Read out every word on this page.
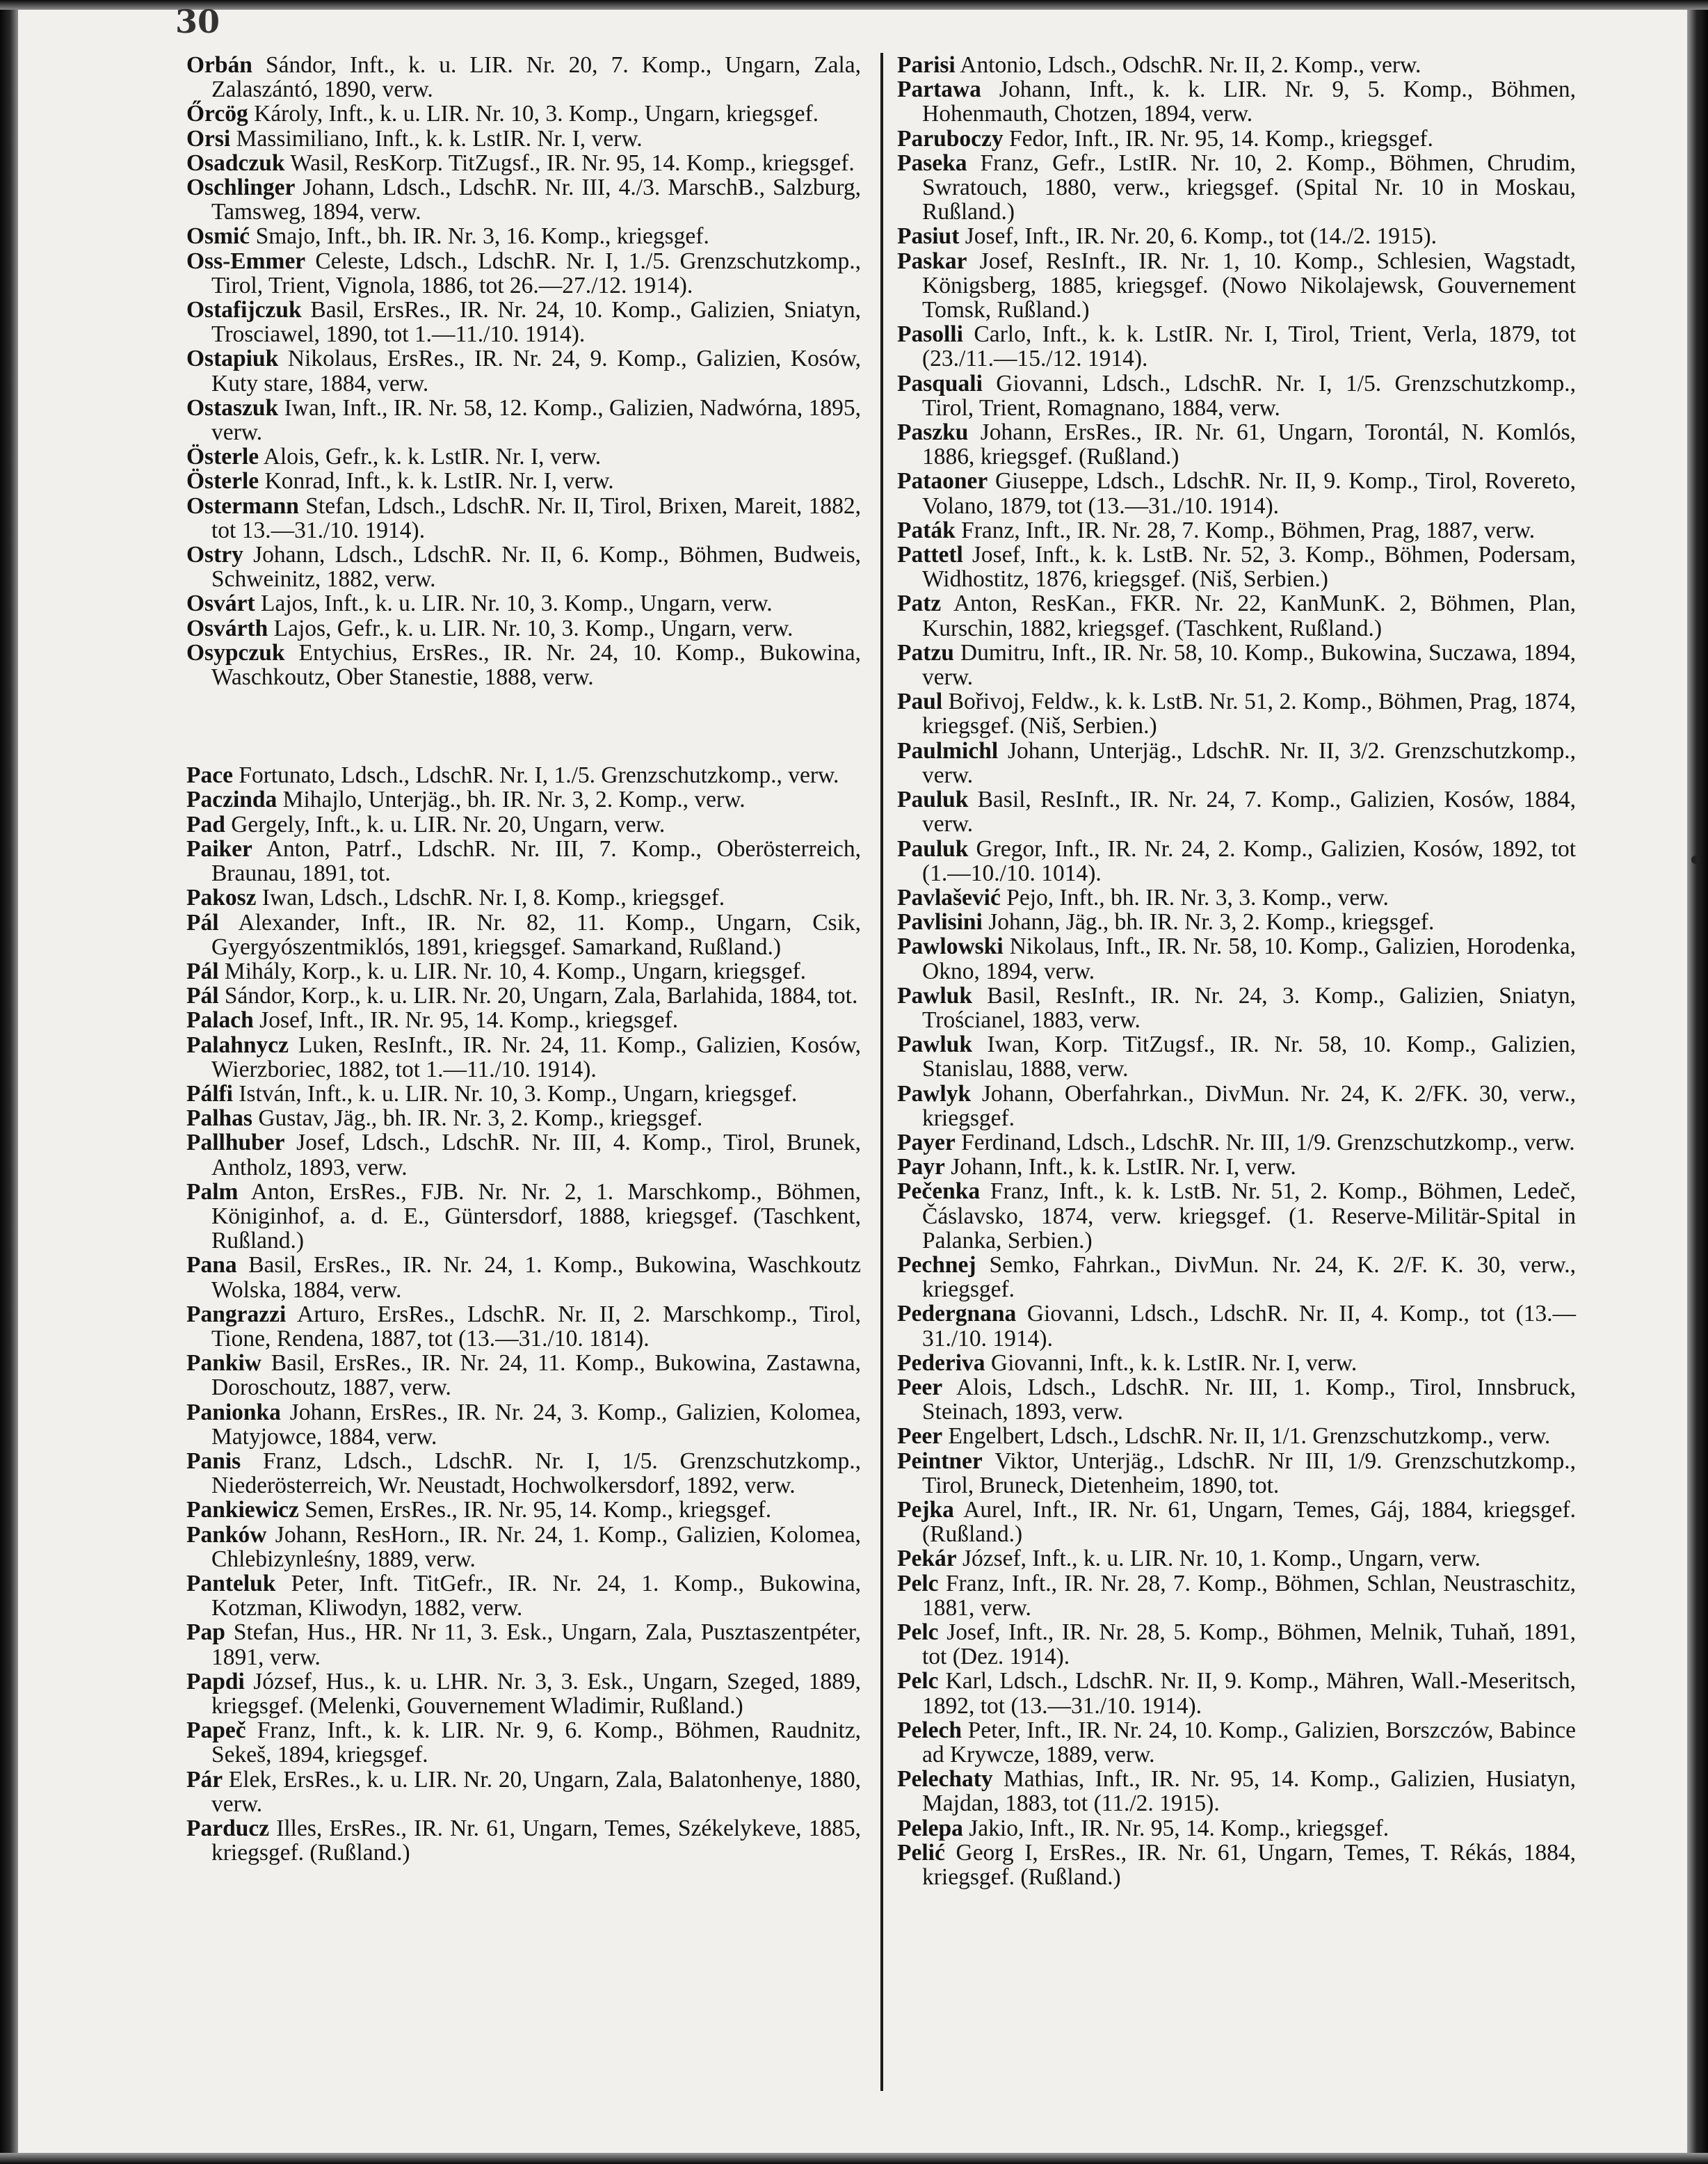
30

Orbán Sándor, Inft., k. u. LIR. Nr. 20, 7. Komp., Ungarn, Zala, Zalaszántó, 1890, verw.

Őrcög Károly, Inft., k. u. LIR. Nr. 10, 3. Komp., Ungarn, kriegsgef.

Orsi Massimiliano, Inft., k. k. LstIR. Nr. I, verw.

Osadczuk Wasil, ResKorp. TitZugsf., IR. Nr. 95, 14. Komp., kriegsgef.

Oschlinger Johann, Ldsch., LdschR. Nr. III, 4./3. MarschB., Salzburg, Tamsweg, 1894, verw.

Osmić Smajo, Inft., bh. IR. Nr. 3, 16. Komp., kriegsgef.

Oss-Emmer Celeste, Ldsch., LdschR. Nr. I, 1./5. Grenzschutzkomp., Tirol, Trient, Vignola, 1886, tot 26.—27./12. 1914).

Ostafijczuk Basil, ErsRes., IR. Nr. 24, 10. Komp., Galizien, Sniatyn, Trosciawel, 1890, tot 1.—11./10. 1914).

Ostapiuk Nikolaus, ErsRes., IR. Nr. 24, 9. Komp., Galizien, Kosów, Kuty stare, 1884, verw.

Ostaszuk Iwan, Inft., IR. Nr. 58, 12. Komp., Galizien, Nadwórna, 1895, verw.

Österle Alois, Gefr., k. k. LstIR. Nr. I, verw.

Österle Konrad, Inft., k. k. LstIR. Nr. I, verw.

Ostermann Stefan, Ldsch., LdschR. Nr. II, Tirol, Brixen, Mareit, 1882, tot 13.—31./10. 1914).

Ostry Johann, Ldsch., LdschR. Nr. II, 6. Komp., Böhmen, Budweis, Schweinitz, 1882, verw.

Osvárt Lajos, Inft., k. u. LIR. Nr. 10, 3. Komp., Ungarn, verw.

Osvárth Lajos, Gefr., k. u. LIR. Nr. 10, 3. Komp., Ungarn, verw.

Osypczuk Entychius, ErsRes., IR. Nr. 24, 10. Komp., Bukowina, Waschkoutz, Ober Stanestie, 1888, verw.

Pace Fortunato, Ldsch., LdschR. Nr. I, 1./5. Grenzschutzkomp., verw.

Paczinda Mihajlo, Unterjäg., bh. IR. Nr. 3, 2. Komp., verw.

Pad Gergely, Inft., k. u. LIR. Nr. 20, Ungarn, verw.

Paiker Anton, Patrf., LdschR. Nr. III, 7. Komp., Oberösterreich, Braunau, 1891, tot.

Pakosz Iwan, Ldsch., LdschR. Nr. I, 8. Komp., kriegsgef.

Pál Alexander, Inft., IR. Nr. 82, 11. Komp., Ungarn, Csik, Gyergyószentmiklós, 1891, kriegsgef. Samarkand, Rußland.)

Pál Mihály, Korp., k. u. LIR. Nr. 10, 4. Komp., Ungarn, kriegsgef.

Pál Sándor, Korp., k. u. LIR. Nr. 20, Ungarn, Zala, Barlahida, 1884, tot.

Palach Josef, Inft., IR. Nr. 95, 14. Komp., kriegsgef.

Palahnycz Luken, ResInft., IR. Nr. 24, 11. Komp., Galizien, Kosów, Wierzboriec, 1882, tot 1.—11./10. 1914).

Pálfi István, Inft., k. u. LIR. Nr. 10, 3. Komp., Ungarn, kriegsgef.

Palhas Gustav, Jäg., bh. IR. Nr. 3, 2. Komp., kriegsgef.

Pallhuber Josef, Ldsch., LdschR. Nr. III, 4. Komp., Tirol, Brunek, Antholz, 1893, verw.

Palm Anton, ErsRes., FJB. Nr. Nr. 2, 1. Marschkomp., Böhmen, Königinhof, a. d. E., Güntersdorf, 1888, kriegsgef. (Taschkent, Rußland.)

Pana Basil, ErsRes., IR. Nr. 24, 1. Komp., Bukowina, Waschkoutz Wolska, 1884, verw.

Pangrazzi Arturo, ErsRes., LdschR. Nr. II, 2. Marschkomp., Tirol, Tione, Rendena, 1887, tot (13.—31./10. 1814).

Pankiw Basil, ErsRes., IR. Nr. 24, 11. Komp., Bukowina, Zastawna, Doroschoutz, 1887, verw.

Panionka Johann, ErsRes., IR. Nr. 24, 3. Komp., Galizien, Kolomea, Matyjowce, 1884, verw.

Panis Franz, Ldsch., LdschR. Nr. I, 1/5. Grenzschutzkomp., Niederösterreich, Wr. Neustadt, Hochwolkersdorf, 1892, verw.

Pankiewicz Semen, ErsRes., IR. Nr. 95, 14. Komp., kriegsgef.

Panków Johann, ResHorn., IR. Nr. 24, 1. Komp., Galizien, Kolomea, Chlebizynleśny, 1889, verw.

Panteluk Peter, Inft. TitGefr., IR. Nr. 24, 1. Komp., Bukowina, Kotzman, Kliwodyn, 1882, verw.

Pap Stefan, Hus., HR. Nr 11, 3. Esk., Ungarn, Zala, Pusztaszentpéter, 1891, verw.

Papdi József, Hus., k. u. LHR. Nr. 3, 3. Esk., Ungarn, Szeged, 1889, kriegsgef. (Melenki, Gouvernement Wladimir, Rußland.)

Papeč Franz, Inft., k. k. LIR. Nr. 9, 6. Komp., Böhmen, Raudnitz, Sekeš, 1894, kriegsgef.

Pár Elek, ErsRes., k. u. LIR. Nr. 20, Ungarn, Zala, Balatonhenye, 1880, verw.

Parducz Illes, ErsRes., IR. Nr. 61, Ungarn, Temes, Székelykeve, 1885, kriegsgef. (Rußland.)

Parisi Antonio, Ldsch., OdschR. Nr. II, 2. Komp., verw.

Partawa Johann, Inft., k. k. LIR. Nr. 9, 5. Komp., Böhmen, Hohenmauth, Chotzen, 1894, verw.

Paruboczy Fedor, Inft., IR. Nr. 95, 14. Komp., kriegsgef.

Paseka Franz, Gefr., LstIR. Nr. 10, 2. Komp., Böhmen, Chrudim, Swratouch, 1880, verw., kriegsgef. (Spital Nr. 10 in Moskau, Rußland.)

Pasiut Josef, Inft., IR. Nr. 20, 6. Komp., tot (14./2. 1915).

Paskar Josef, ResInft., IR. Nr. 1, 10. Komp., Schlesien, Wagstadt, Königsberg, 1885, kriegsgef. (Nowo Nikolajewsk, Gouvernement Tomsk, Rußland.)

Pasolli Carlo, Inft., k. k. LstIR. Nr. I, Tirol, Trient, Verla, 1879, tot (23./11.—15./12. 1914).

Pasquali Giovanni, Ldsch., LdschR. Nr. I, 1/5. Grenzschutzkomp., Tirol, Trient, Romagnano, 1884, verw.

Paszku Johann, ErsRes., IR. Nr. 61, Ungarn, Torontál, N. Komlós, 1886, kriegsgef. (Rußland.)

Pataoner Giuseppe, Ldsch., LdschR. Nr. II, 9. Komp., Tirol, Rovereto, Volano, 1879, tot (13.—31./10. 1914).

Paták Franz, Inft., IR. Nr. 28, 7. Komp., Böhmen, Prag, 1887, verw.

Pattetl Josef, Inft., k. k. LstB. Nr. 52, 3. Komp., Böhmen, Podersam, Widhostitz, 1876, kriegsgef. (Niš, Serbien.)

Patz Anton, ResKan., FKR. Nr. 22, KanMunK. 2, Böhmen, Plan, Kurschin, 1882, kriegsgef. (Taschkent, Rußland.)

Patzu Dumitru, Inft., IR. Nr. 58, 10. Komp., Bukowina, Suczawa, 1894, verw.

Paul Bořivoj, Feldw., k. k. LstB. Nr. 51, 2. Komp., Böhmen, Prag, 1874, kriegsgef. (Niš, Serbien.)

Paulmichl Johann, Unterjäg., LdschR. Nr. II, 3/2. Grenzschutzkomp., verw.

Pauluk Basil, ResInft., IR. Nr. 24, 7. Komp., Galizien, Kosów, 1884, verw.

Pauluk Gregor, Inft., IR. Nr. 24, 2. Komp., Galizien, Kosów, 1892, tot (1.—10./10. 1014).

Pavlašević Pejo, Inft., bh. IR. Nr. 3, 3. Komp., verw.

Pavlisini Johann, Jäg., bh. IR. Nr. 3, 2. Komp., kriegsgef.

Pawlowski Nikolaus, Inft., IR. Nr. 58, 10. Komp., Galizien, Horodenka, Okno, 1894, verw.

Pawluk Basil, ResInft., IR. Nr. 24, 3. Komp., Galizien, Sniatyn, Trościanel, 1883, verw.

Pawluk Iwan, Korp. TitZugsf., IR. Nr. 58, 10. Komp., Galizien, Stanislau, 1888, verw.

Pawlyk Johann, Oberfahrkan., DivMun. Nr. 24, K. 2/FK. 30, verw., kriegsgef.

Payer Ferdinand, Ldsch., LdschR. Nr. III, 1/9. Grenzschutzkomp., verw.

Payr Johann, Inft., k. k. LstIR. Nr. I, verw.

Pečenka Franz, Inft., k. k. LstB. Nr. 51, 2. Komp., Böhmen, Ledeč, Čáslavsko, 1874, verw. kriegsgef. (1. Reserve-Militär-Spital in Palanka, Serbien.)

Pechnej Semko, Fahrkan., DivMun. Nr. 24, K. 2/F. K. 30, verw., kriegsgef.

Pedergnana Giovanni, Ldsch., LdschR. Nr. II, 4. Komp., tot (13.—31./10. 1914).

Pederiva Giovanni, Inft., k. k. LstIR. Nr. I, verw.

Peer Alois, Ldsch., LdschR. Nr. III, 1. Komp., Tirol, Innsbruck, Steinach, 1893, verw.

Peer Engelbert, Ldsch., LdschR. Nr. II, 1/1. Grenzschutzkomp., verw.

Peintner Viktor, Unterjäg., LdschR. Nr III, 1/9. Grenzschutzkomp., Tirol, Bruneck, Dietenheim, 1890, tot.

Pejka Aurel, Inft., IR. Nr. 61, Ungarn, Temes, Gáj, 1884, kriegsgef. (Rußland.)

Pekár József, Inft., k. u. LIR. Nr. 10, 1. Komp., Ungarn, verw.

Pelc Franz, Inft., IR. Nr. 28, 7. Komp., Böhmen, Schlan, Neustraschitz, 1881, verw.

Pelc Josef, Inft., IR. Nr. 28, 5. Komp., Böhmen, Melnik, Tuhaň, 1891, tot (Dez. 1914).

Pelc Karl, Ldsch., LdschR. Nr. II, 9. Komp., Mähren, Wall.-Meseritsch, 1892, tot (13.—31./10. 1914).

Pelech Peter, Inft., IR. Nr. 24, 10. Komp., Galizien, Borszczów, Babince ad Krywcze, 1889, verw.

Pelechaty Mathias, Inft., IR. Nr. 95, 14. Komp., Galizien, Husiatyn, Majdan, 1883, tot (11./2. 1915).

Pelepa Jakio, Inft., IR. Nr. 95, 14. Komp., kriegsgef.

Pelić Georg I, ErsRes., IR. Nr. 61, Ungarn, Temes, T. Rékás, 1884, kriegsgef. (Rußland.)
